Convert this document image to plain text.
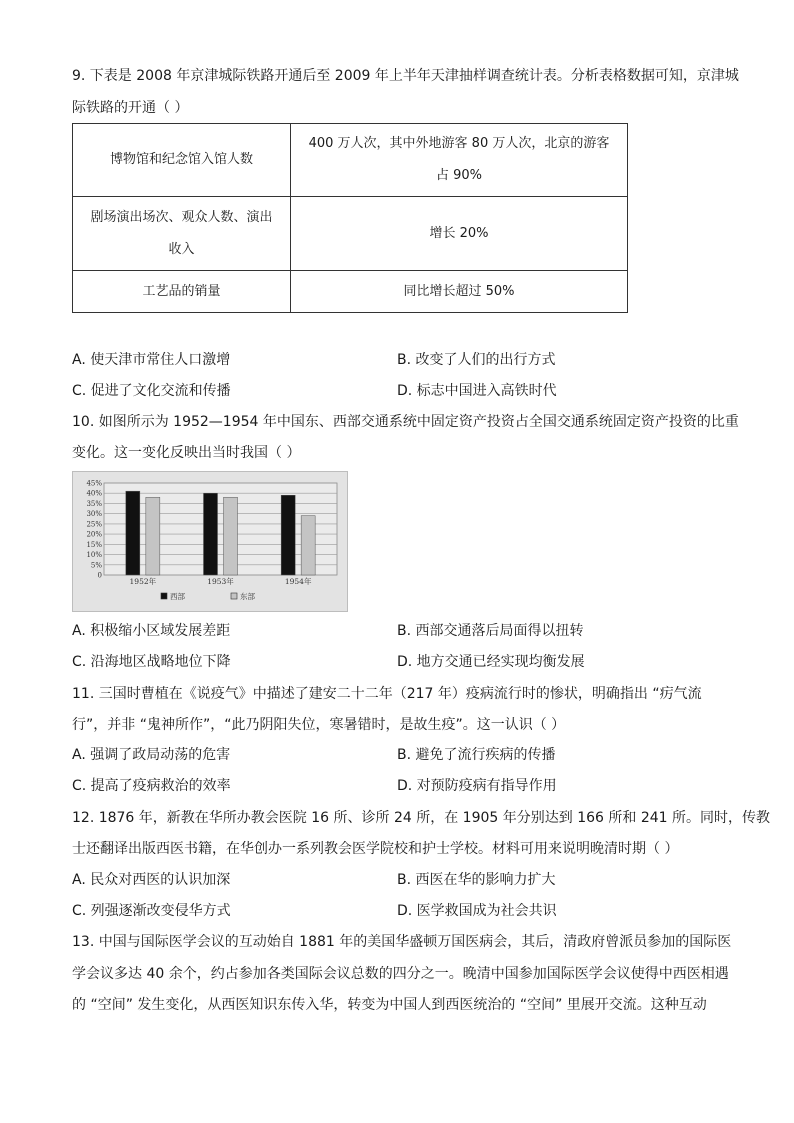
9. 下表是 2008 年京津城际铁路开通后至 2009 年上半年天津抽样调查统计表。分析表格数据可知，京津城
际铁路的开通（ ）
博物馆和纪念馆入馆人数	400 万人次，其中外地游客 80 万人次，北京的游客
占 90%

剧场演出场次、观众人数、演出
收入	增长 20%
工艺品的销量	同比增长超过 50%
A. 使天津市常住人口激增	B. 改变了人们的出行方式
C. 促进了文化交流和传播	D. 标志中国进入高铁时代
10. 如图所示为 1952—1954 年中国东、西部交通系统中固定资产投资占全国交通系统固定资产投资的比重
变化。这一变化反映出当时我国（ ）
45%
40%
35%
30%
25%
20%
15%
10%
5%
0
1952年	1953年	1954年
西部	东部
A. 积极缩小区域发展差距	B. 西部交通落后局面得以扭转
C. 沿海地区战略地位下降	D. 地方交通已经实现均衡发展
11. 三国时曹植在《说疫气》中描述了建安二十二年（217 年）疫病流行时的惨状，明确指出 “疠气流
行”，并非 “鬼神所作”，“此乃阴阳失位，寒暑错时，是故生疫”。这一认识（ ）
A. 强调了政局动荡的危害	B. 避免了流行疾病的传播
C. 提高了疫病救治的效率	D. 对预防疫病有指导作用
12. 1876 年，新教在华所办教会医院 16 所、诊所 24 所，在 1905 年分别达到 166 所和 241 所。同时，传教
士还翻译出版西医书籍，在华创办一系列教会医学院校和护士学校。材料可用来说明晚清时期（ ）
A. 民众对西医的认识加深	B. 西医在华的影响力扩大
C. 列强逐渐改变侵华方式	D. 医学救国成为社会共识
13. 中国与国际医学会议的互动始自 1881 年的美国华盛顿万国医病会，其后，清政府曾派员参加的国际医
学会议多达 40 余个，约占参加各类国际会议总数的四分之一。晚清中国参加国际医学会议使得中西医相遇
的 “空间” 发生变化，从西医知识东传入华，转变为中国人到西医统治的 “空间” 里展开交流。这种互动
